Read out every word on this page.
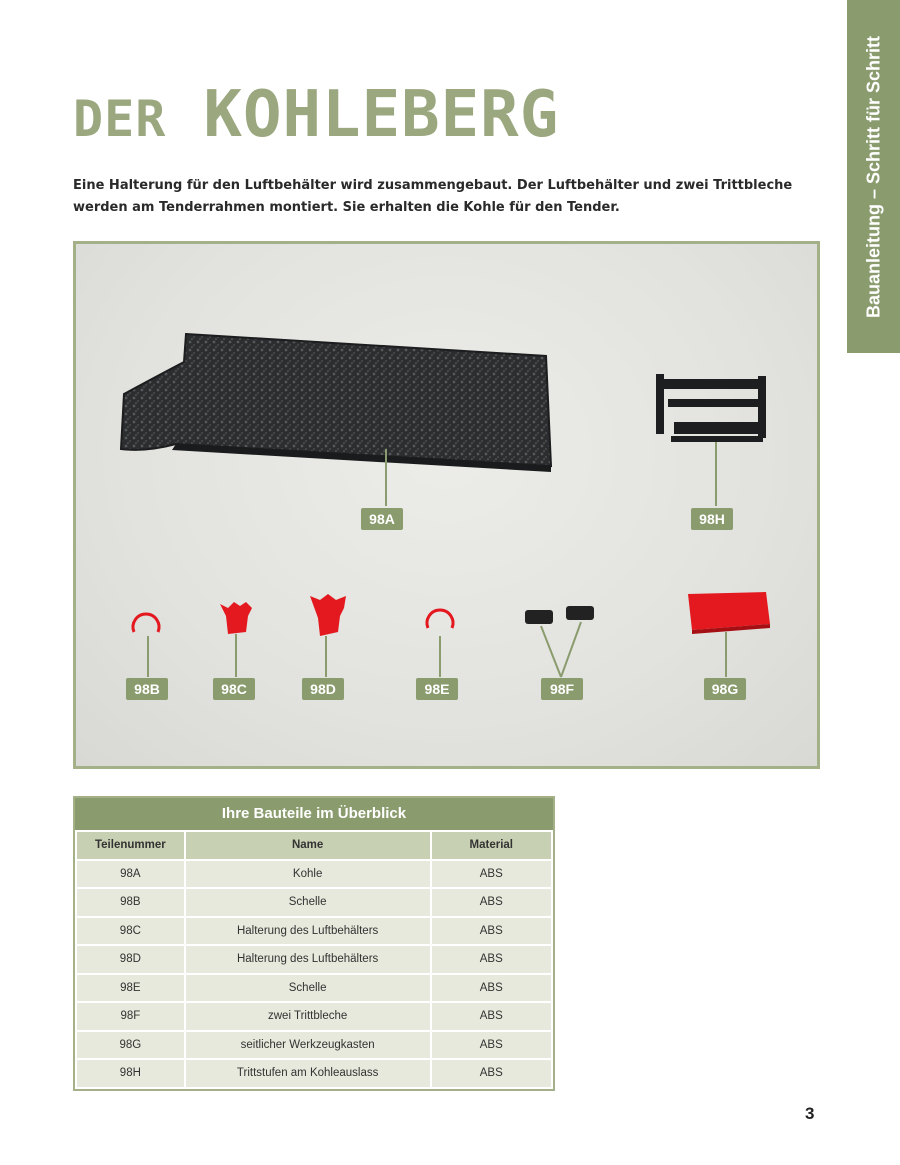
Bauanleitung – Schritt für Schritt
DER KOHLEBERG

Eine Halterung für den Luftbehälter wird zusammengebaut. Der Luftbehälter und zwei Trittbleche werden am Tenderrahmen montiert. Sie erhalten die Kohle für den Tender.

98A	98H
98B	98C	98D	98E	98F	98G
Ihre Bauteile im Überblick
Teilenummer	Name	Material
98A	Kohle	ABS
98B	Schelle	ABS
98C	Halterung des Luftbehälters	ABS
98D	Halterung des Luftbehälters	ABS
98E	Schelle	ABS
98F	zwei Trittbleche	ABS
98G	seitlicher Werkzeugkasten	ABS
98H	Trittstufen am Kohleauslass	ABS
3
